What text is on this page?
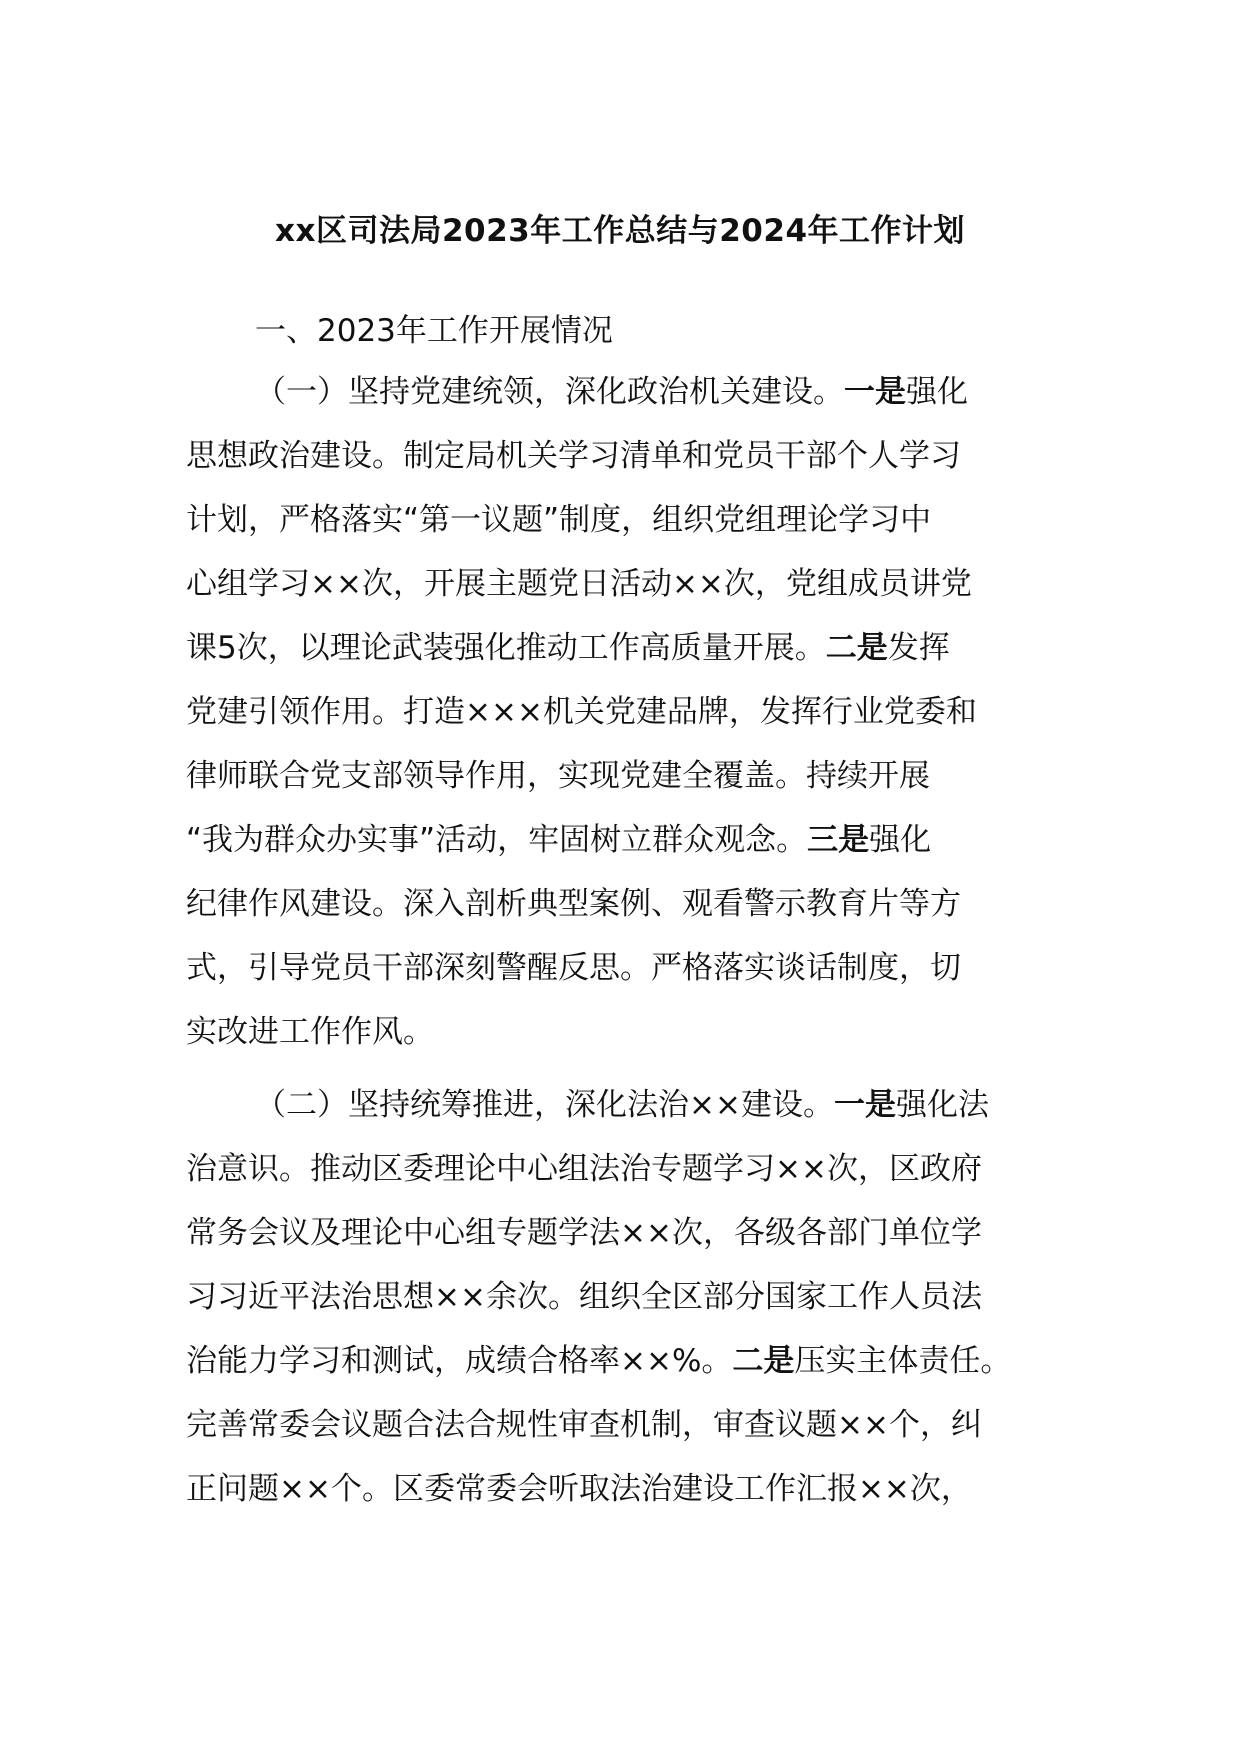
xx区司法局2023年工作总结与2024年工作计划
一、2023年工作开展情况
（一）坚持党建统领，深化政治机关建设。一是强化
思想政治建设。制定局机关学习清单和党员干部个人学习
计划，严格落实“第一议题”制度，组织党组理论学习中
心组学习××次，开展主题党日活动××次，党组成员讲党
课5次，以理论武装强化推动工作高质量开展。二是发挥
党建引领作用。打造×××机关党建品牌，发挥行业党委和
律师联合党支部领导作用，实现党建全覆盖。持续开展
“我为群众办实事”活动，牢固树立群众观念。三是强化
纪律作风建设。深入剖析典型案例、观看警示教育片等方
式，引导党员干部深刻警醒反思。严格落实谈话制度，切
实改进工作作风。
（二）坚持统筹推进，深化法治××建设。一是强化法
治意识。推动区委理论中心组法治专题学习××次，区政府
常务会议及理论中心组专题学法××次，各级各部门单位学
习习近平法治思想××余次。组织全区部分国家工作人员法
治能力学习和测试，成绩合格率××%。二是压实主体责任。
完善常委会议题合法合规性审查机制，审查议题××个，纠
正问题××个。区委常委会听取法治建设工作汇报××次，
